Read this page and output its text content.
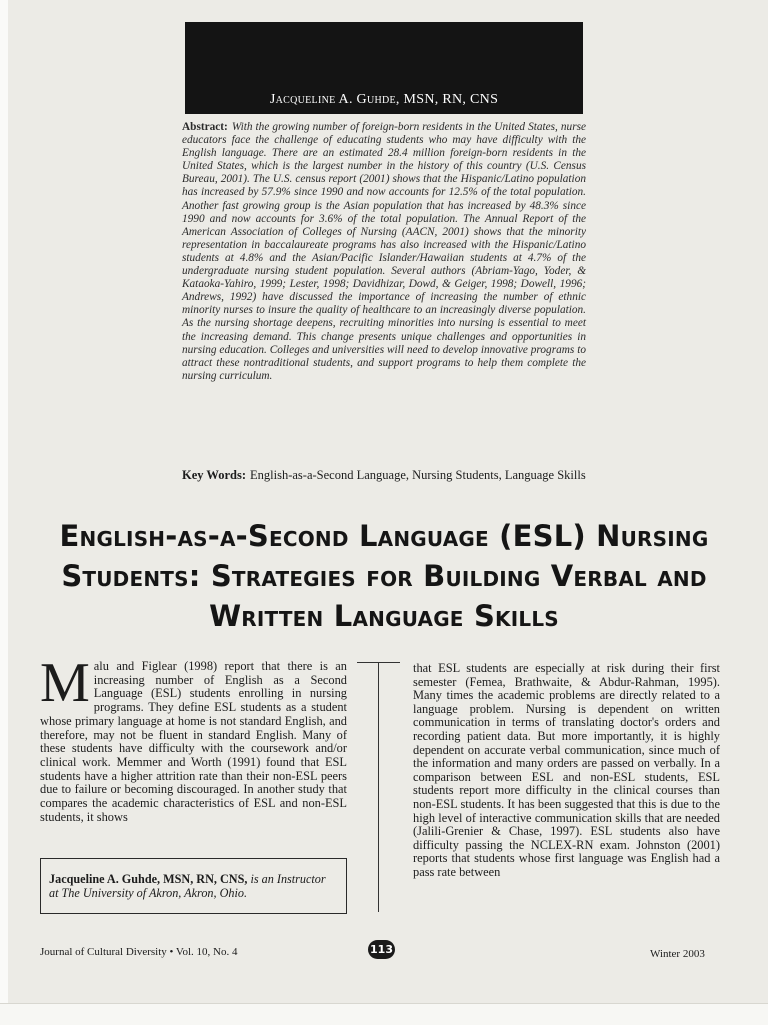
Jacqueline A. Guhde, MSN, RN, CNS
Abstract: With the growing number of foreign-born residents in the United States, nurse educators face the challenge of educating students who may have difficulty with the English language. There are an estimated 28.4 million foreign-born residents in the United States, which is the largest number in the history of this country (U.S. Census Bureau, 2001). The U.S. census report (2001) shows that the Hispanic/Latino population has increased by 57.9% since 1990 and now accounts for 12.5% of the total population. Another fast growing group is the Asian population that has increased by 48.3% since 1990 and now accounts for 3.6% of the total population. The Annual Report of the American Association of Colleges of Nursing (AACN, 2001) shows that the minority representation in baccalaureate programs has also increased with the Hispanic/Latino students at 4.8% and the Asian/Pacific Islander/Hawaiian students at 4.7% of the undergraduate nursing student population. Several authors (Abriam-Yago, Yoder, & Kataoka-Yahiro, 1999; Lester, 1998; Davidhizar, Dowd, & Geiger, 1998; Dowell, 1996; Andrews, 1992) have discussed the importance of increasing the number of ethnic minority nurses to insure the quality of healthcare to an increasingly diverse population. As the nursing shortage deepens, recruiting minorities into nursing is essential to meet the increasing demand. This change presents unique challenges and opportunities in nursing education. Colleges and universities will need to develop innovative programs to attract these nontraditional students, and support programs to help them complete the nursing curriculum.
Key Words: English-as-a-Second Language, Nursing Students, Language Skills
English-as-a-Second Language (ESL) Nursing Students: Strategies for Building Verbal and Written Language Skills
Malu and Figlear (1998) report that there is an increasing number of English as a Second Language (ESL) students enrolling in nursing programs. They define ESL students as a student whose primary language at home is not standard English, and therefore, may not be fluent in standard English. Many of these students have difficulty with the coursework and/or clinical work. Memmer and Worth (1991) found that ESL students have a higher attrition rate than their non-ESL peers due to failure or becoming discouraged. In another study that compares the academic characteristics of ESL and non-ESL students, it shows
that ESL students are especially at risk during their first semester (Femea, Brathwaite, & Abdur-Rahman, 1995). Many times the academic problems are directly related to a language problem. Nursing is dependent on written communication in terms of translating doctor's orders and recording patient data. But more importantly, it is highly dependent on accurate verbal communication, since much of the information and many orders are passed on verbally. In a comparison between ESL and non-ESL students, ESL students report more difficulty in the clinical courses than non-ESL students. It has been suggested that this is due to the high level of interactive communication skills that are needed (Jalili-Grenier & Chase, 1997). ESL students also have difficulty passing the NCLEX-RN exam. Johnston (2001) reports that students whose first language was English had a pass rate between
Jacqueline A. Guhde, MSN, RN, CNS, is an Instructor at The University of Akron, Akron, Ohio.
Journal of Cultural Diversity • Vol. 10, No. 4	113	Winter 2003
